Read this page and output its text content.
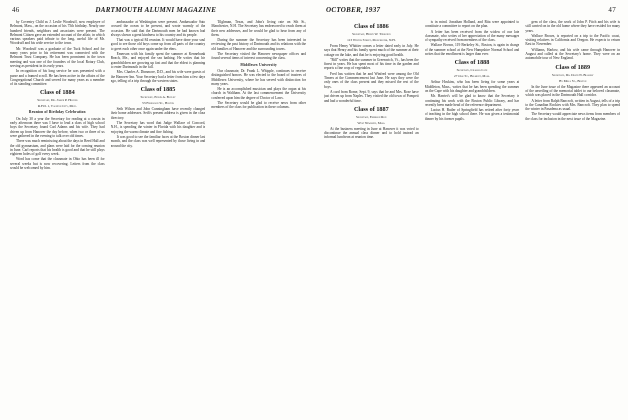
46	DARTMOUTH ALUMNI MAGAZINE

by Coventry Child as J. Leslie Woodruff, now employee of Belmont, Mass., on the occasion of his 75th birthday. Nearly one hundred friends, neighbors and associates were present. The Belmont Citizen gave an extended account of the affair, in which various speakers paid tribute to the long, useful life of Mr. Woodruff and his wide service to the town.

Mr. Woodruff was a graduate of the Tuck School and for many years prior to his retirement was connected with the Belmont Trust Company. He has been prominent in the town meeting and was one of the founders of the local Rotary Club, serving as president in its early years.

In recognition of his long service he was presented with a purse and a framed scroll. He has been active in the affairs of the Congregational Church and served for many years as a member of its standing committee.

Class of 1884
Secretary, Dr. Joseph P. Higgins
R.F.D. 1, Taunton City, Mich.
Reunion of Birthday Celebration

On July 30 a year the Secretary for reading at a cousin in early afternoon there was I have to lead a class of high school boys the Secretary found Carl Adams and his wife. They had driven up from Hanover the day before, when two or three of us were gathered in the evening to talk over old times.

There was much reminiscing about the days in Reed Hall and the old gymnasium, and plans were laid for the coming reunion in June. Carl reports that his health is good and that he still plays eighteen holes of golf every week.

Word has come that the classmate in Ohio has been ill for several weeks but is now recovering. Letters from the class would be welcomed by him.

ambassador at Washington were present. Ambassador Sato crossed the ocean to be present, and wrote warmly of the occasion. He said that the Dartmouth men he had known had always shown a great kindness to his country and its people.

That was a typical 84 reunion. It would have done your soul good to see those old boys come up from all parts of the country to greet each other once again under the elms.

Emerson with his family spent the summer at Kennebunk Beach, Me., and enjoyed the sea bathing. He writes that his grandchildren are growing up fast and that the eldest is planning to enter Dartmouth in the fall.

Mrs. Charles A. Dinsmore, D.D., and his wife were guests of the Hanover Inn. Your Secretary had a letter from him a few days ago, telling of a trip through the western states.

Class of 1885
Secretary, Edwin A. Bayley
53 Fernwood St., Boston

Seth Wilson and John Cunningham have recently changed their home addresses. Seth's present address is given in the class directory.

The Secretary has word that Judge Wallace of Concord, N.H., is spending the winter in Florida with his daughter and is enjoying the warm climate and fine fishing.

It was good to see the familiar faces at the Boston dinner last month, and the class was well represented by those living in and around the city.

Tilghman, Texas, and John's living rate on Sth St., Manchester, N.H. The Secretary has endeavored to reach them at their new addresses, and he would be glad to hear from any of them.

During the summer the Secretary has been interested in reviewing the past history of Dartmouth and its relations with the old families of Hanover and the surrounding towns.

The Secretary visited the Hanover newspaper offices and found several items of interest concerning the class.

Middlesex University

Our classmate, Dr. Frank L. Whipple, continues to receive distinguished honors. He was elected to the board of trustees of Middlesex University, where he has served with distinction for many years.

He is an accomplished musician and plays the organ at his church in Waltham. At the last commencement the University conferred upon him the degree of Doctor of Laws.

The Secretary would be glad to receive news from other members of the class for publication in these columns.

OCTOBER, 1937	47
Class of 1886
Secretary, Henry W. Thurston
113 Wilton Street, Manchester, N.H.

From Henry Whittier comes a letter dated early in July. He says that Henry and his family spent much of the summer at their cottage on the lake, and that he is enjoying good health.

"Bill" writes that the summer in Greenwich, Vt., has been the finest in years. He has spent most of his time in the garden and reports a fine crop of vegetables.

Fred has written that he and Winfred were among the Old Timers at the Commencement last June. He says they were the only ones of the class present and they missed the rest of the boys.

A card from Rome, Sept. 9, says that he and Mrs. Rose have just driven up from Naples. They visited the old town of Pompeii and had a wonderful time.

Class of 1887
Secretary, Emerson Rice
West Newbury, Mass.

At the business meeting in June at Hanover it was voted to discontinue the annual class dinner and to hold instead an informal luncheon at reunion time.

is in mind. Jonathan Holland, and Rita were appointed to constitute a committee to report on the plan.

A letter has been received from the widow of our late classmate, who writes of her appreciation of the many messages of sympathy received from members of the class.

Wallace Brown, 119 Berkeley St., Boston, is again in charge of the summer school at the New Hampshire Normal School and writes that the enrollment is larger than ever.

Class of 1888
Secretary, Charles Cate
27 Oak St., Belmont, Mass.

Arthur Hoskins, who has been living for some years at Middleton, Mass., writes that he has been spending the summer on the Cape with his daughter and grandchildren.

Mr. Harriet's will be glad to know that the Secretary is continuing his work with the Boston Public Library, and has recently been made head of the reference department.

Lucius H. Butler of Springfield has retired after forty years of teaching in the high school there. He was given a testimonial dinner by his former pupils.

gem of the class, the work of John P. Fitch and his wife is still carried on in the old home where they have resided for many years.

Wallace Brown, is reported on a trip to the Pacific coast, visiting relatives in California and Oregon. He expects to return East in November.

Williams, Harlow, and his wife came through Hanover in August and called at the Secretary's home. They were on an automobile tour of New England.

Class of 1889
Secretary, Dr. David N. Blakely
By Mills St., Boston

In the June issue of the Magazine there appeared an account of the unveiling of the memorial tablet to our beloved classmate, which was placed in the Dartmouth Hall corridor.

A letter from Ralph Bancroft, written in August, tells of a trip to the Canadian Rockies with Mrs. Bancroft. They plan to spend the winter in Pasadena as usual.

The Secretary would appreciate news items from members of the class for inclusion in the next issue of the Magazine.
